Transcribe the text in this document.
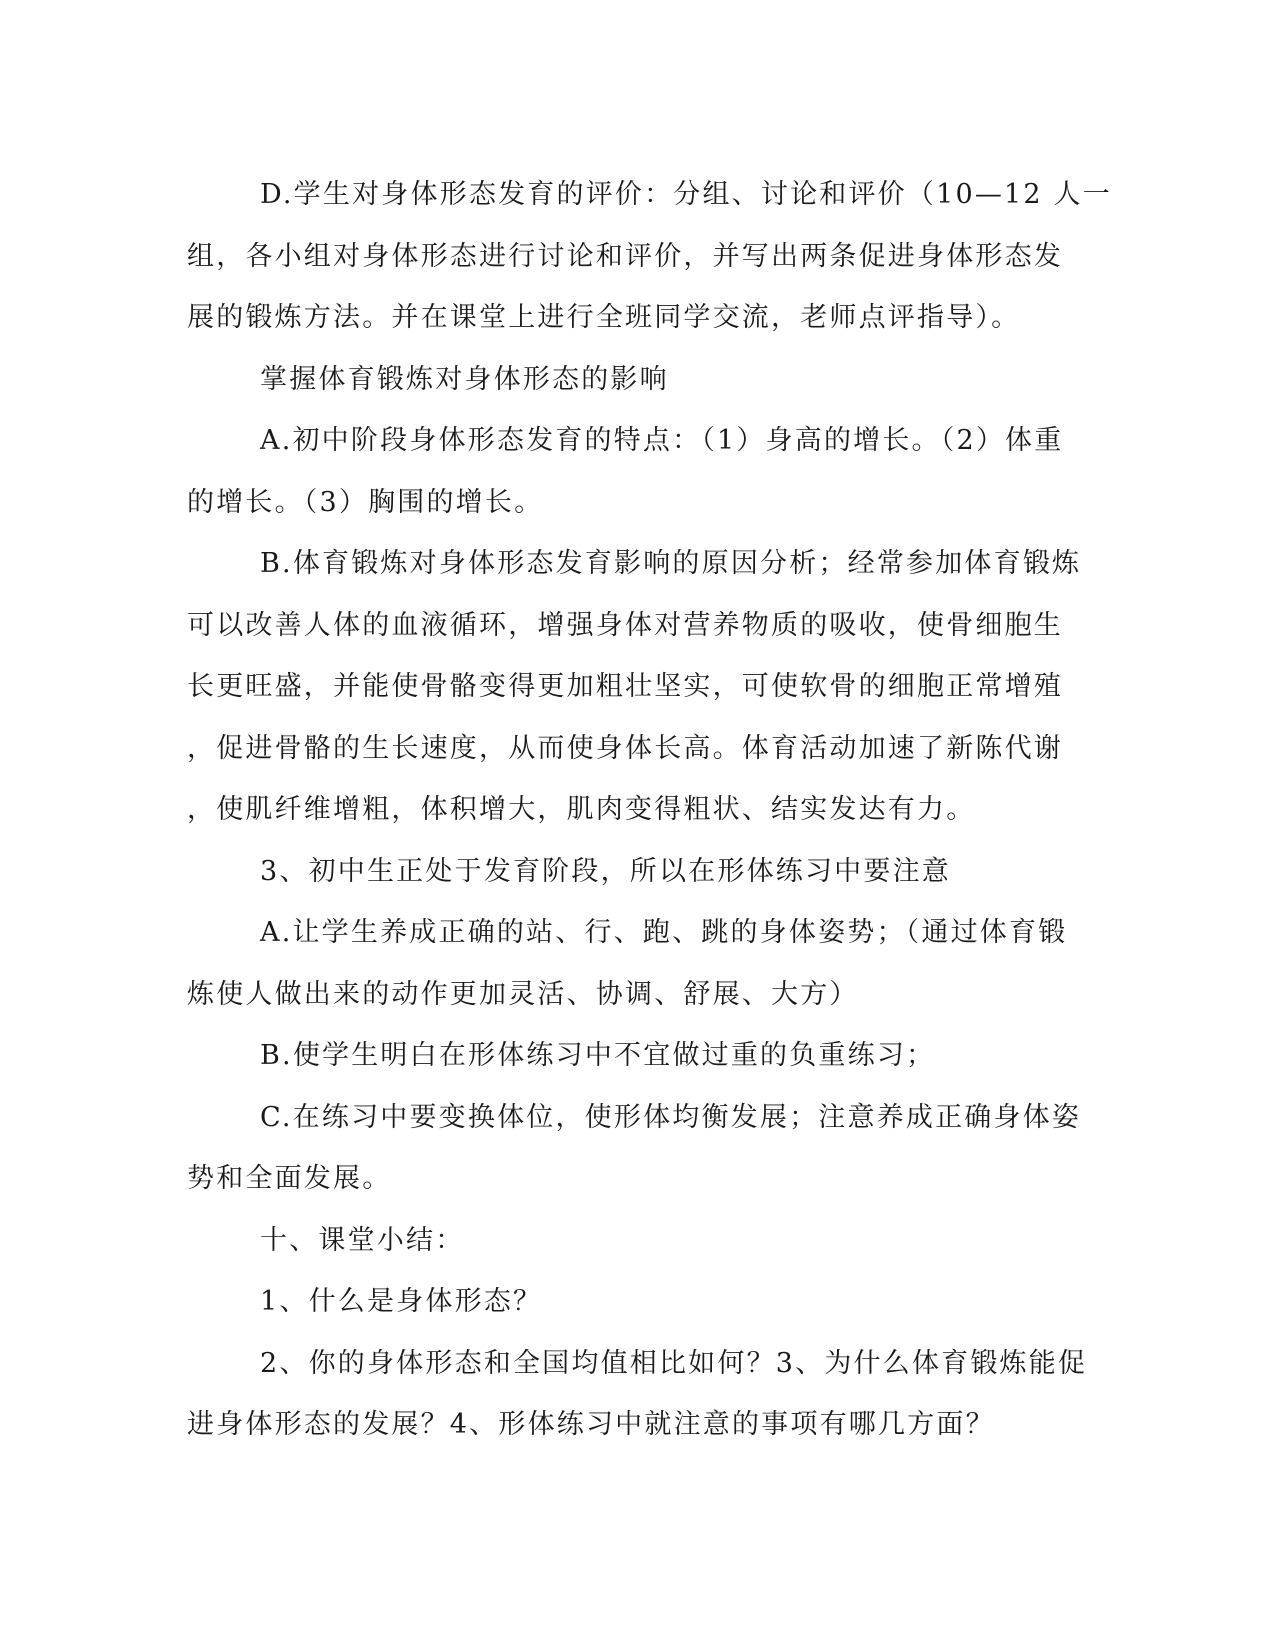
D.学生对身体形态发育的评价：分组、讨论和评价（10—12 人一
组，各小组对身体形态进行讨论和评价，并写出两条促进身体形态发
展的锻炼方法。并在课堂上进行全班同学交流，老师点评指导）。
掌握体育锻炼对身体形态的影响
A.初中阶段身体形态发育的特点：（1）身高的增长。（2）体重
的增长。（3）胸围的增长。
B.体育锻炼对身体形态发育影响的原因分析；经常参加体育锻炼
可以改善人体的血液循环，增强身体对营养物质的吸收，使骨细胞生
长更旺盛，并能使骨骼变得更加粗壮坚实，可使软骨的细胞正常增殖
，促进骨骼的生长速度，从而使身体长高。体育活动加速了新陈代谢
，使肌纤维增粗，体积增大，肌肉变得粗状、结实发达有力。
3、初中生正处于发育阶段，所以在形体练习中要注意
A.让学生养成正确的站、行、跑、跳的身体姿势；（通过体育锻
炼使人做出来的动作更加灵活、协调、舒展、大方）
B.使学生明白在形体练习中不宜做过重的负重练习；
C.在练习中要变换体位，使形体均衡发展；注意养成正确身体姿
势和全面发展。
十、课堂小结：
1、什么是身体形态？
2、你的身体形态和全国均值相比如何？3、为什么体育锻炼能促
进身体形态的发展？4、形体练习中就注意的事项有哪几方面？
